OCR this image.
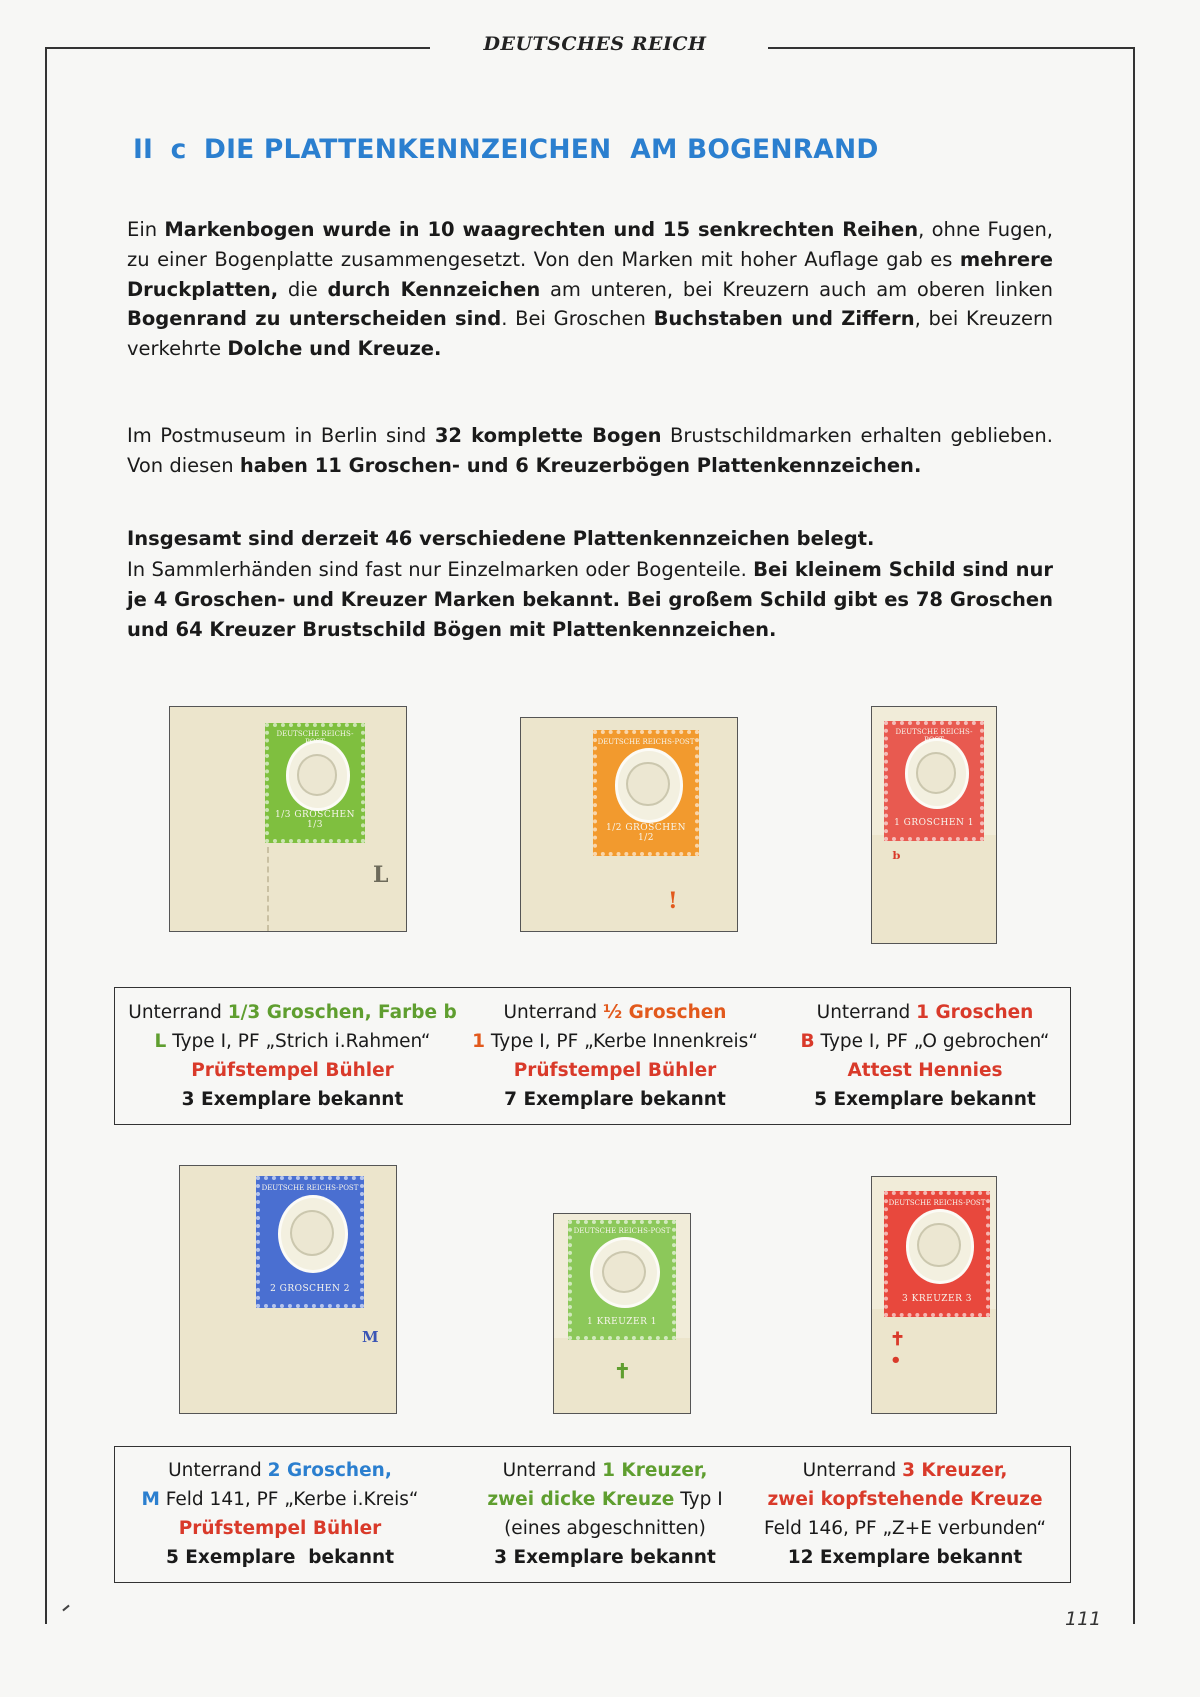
DEUTSCHES REICH
II c DIE PLATTENKENNZEICHEN  AM BOGENRAND

Ein Markenbogen wurde in 10 waagrechten und 15 senkrechten Reihen, ohne Fugen, zu einer Bogenplatte zusammengesetzt. Von den Marken mit hoher Auflage gab es mehrere Druckplatten, die durch Kennzeichen am unteren, bei Kreuzern auch am oberen linken Bogenrand zu unterscheiden sind. Bei Groschen Buchstaben und Ziffern, bei Kreuzern verkehrte Dolche und Kreuze.

Im Postmuseum in Berlin sind 32 komplette Bogen Brustschildmarken erhalten geblieben. Von diesen haben 11 Groschen- und 6 Kreuzerbögen Plattenkennzeichen.

Insgesamt sind derzeit 46 verschiedene Plattenkennzeichen belegt.

In Sammlerhänden sind fast nur Einzelmarken oder Bogenteile. Bei kleinem Schild sind nur je 4 Groschen- und Kreuzer Marken bekannt. Bei großem Schild gibt es 78 Groschen und 64 Kreuzer Brustschild Bögen mit Plattenkennzeichen.

DEUTSCHE REICHS-
1/3 GROSCHEN 1/3
L
DEUTSCHE REICHS-POST
1/2 GROSCHEN 1/2
!
DEUTSCHE REICHS-
1 GROSCHEN 1
ᵇ
Unterrand 1/3 Groschen, Farbe b
L Type I, PF „Strich i.Rahmen“
Prüfstempel Bühler
3 Exemplare bekannt
Unterrand ½ Groschen
1 Type I, PF „Kerbe Innenkreis“
Prüfstempel Bühler
7 Exemplare bekannt
Unterrand 1 Groschen
B Type I, PF „O gebrochen“
Attest Hennies
5 Exemplare bekannt
DEUTSCHE REICHS-POST
2 GROSCHEN 2
M
DEUTSCHE REICHS-POST
1 KREUZER 1
✝
DEUTSCHE REICHS-POST
3 KREUZER 3
✝ •
Unterrand 2 Groschen,
M Feld 141, PF „Kerbe i.Kreis“
Prüfstempel Bühler
5 Exemplare  bekannt
Unterrand 1 Kreuzer,
zwei dicke Kreuze Typ I
(eines abgeschnitten)
3 Exemplare bekannt
Unterrand 3 Kreuzer,
zwei kopfstehende Kreuze
Feld 146, PF „Z+E verbunden“
12 Exemplare bekannt
111
